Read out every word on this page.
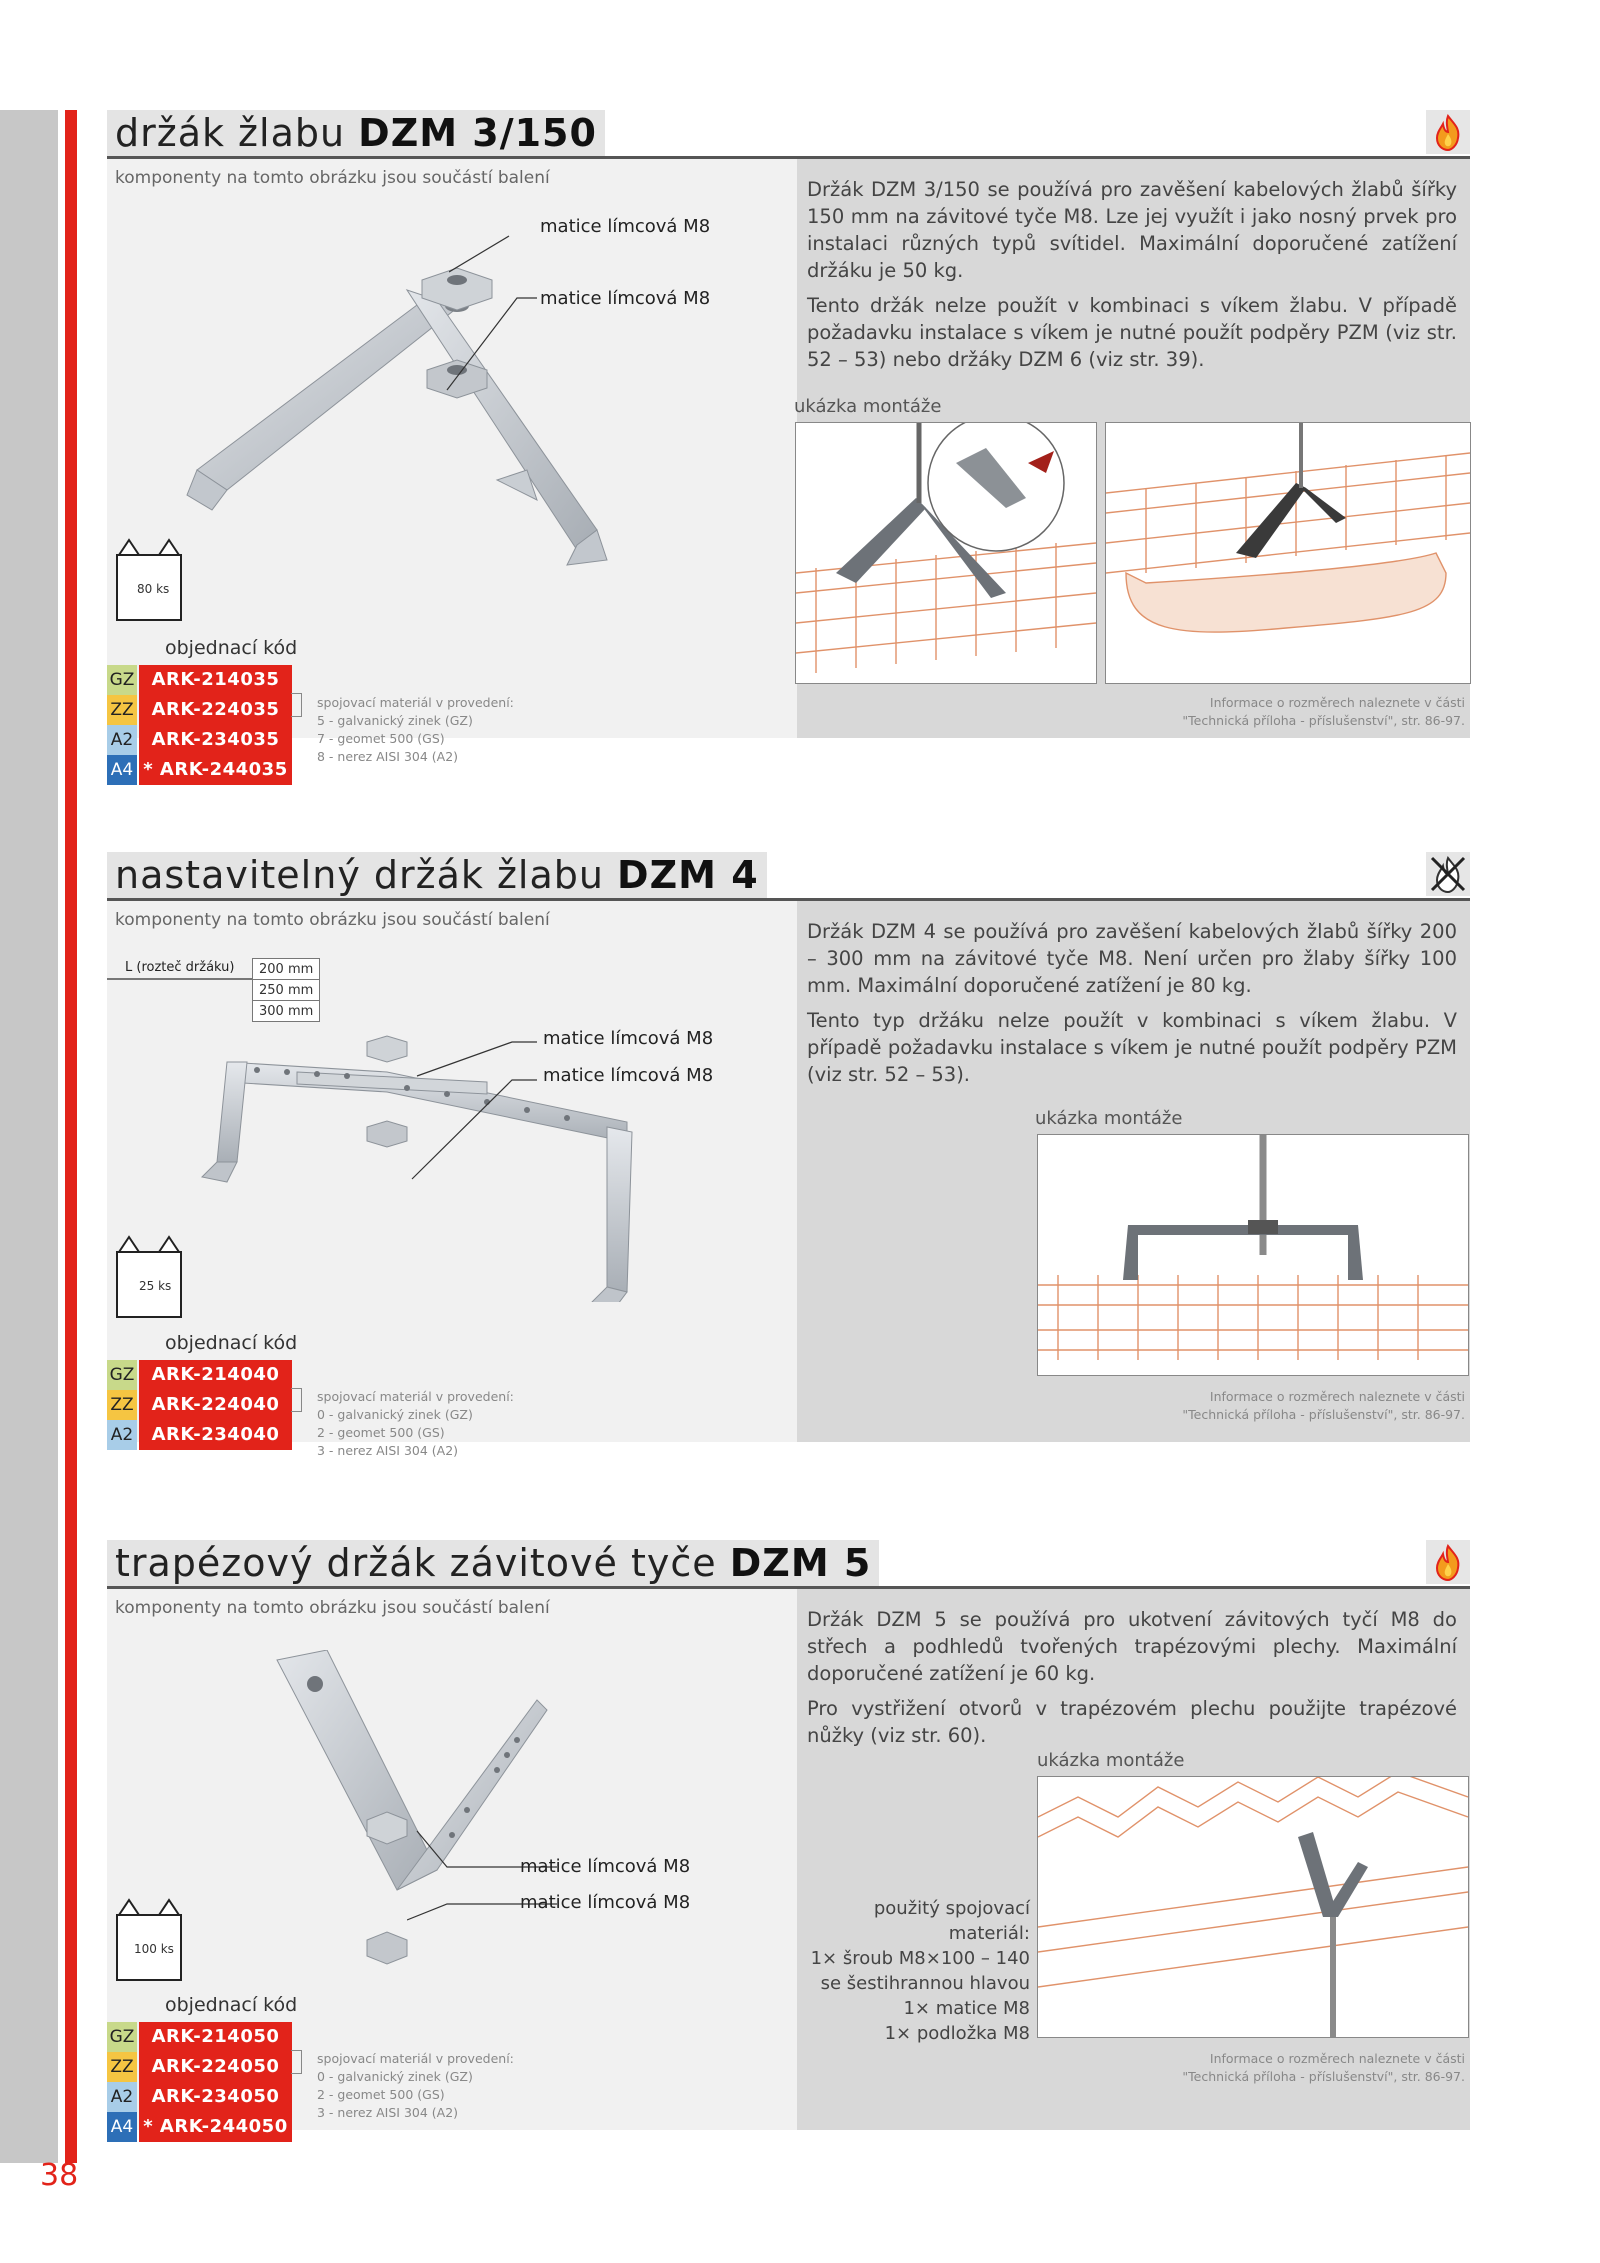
38
držák žlabu DZM 3/150
komponenty na tomto obrázku jsou součástí balení
matice límcová M8
matice límcová M8

Držák DZM 3/150 se používá pro zavěšení kabelových žlabů šířky 150 mm na závitové tyče M8. Lze jej využít i jako nosný prvek pro instalaci různých typů svítidel. Maximální doporučené zatížení držáku je 50 kg.

Tento držák nelze použít v kombinaci s víkem žlabu. V případě požadavku instalace s víkem je nutné použít podpěry PZM (viz str. 52 – 53) nebo držáky DZM 6 (viz str. 39).

ukázka montáže
80 ks
objednací kód
GZ ARK-214035
ZZ ARK-224035
A2	ARK-234035
A4 * ARK-244035
spojovací materiál v provedení:
5 - galvanický zinek (GZ)
7 - geomet 500 (GS)
8 - nerez AISI 304 (A2)
Informace o rozměrech naleznete v části
"Technická příloha - příslušenství", str. 86-97.
nastavitelný držák žlabu DZM 4
komponenty na tomto obrázku jsou součástí balení
L (rozteč držáku) 200 mm
250 mm
300 mm
matice límcová M8
matice límcová M8

Držák DZM 4 se používá pro zavěšení kabelových žlabů šířky 200 – 300 mm na závitové tyče M8. Není určen pro žlaby šířky 100 mm. Maximální doporučené zatížení je 80 kg.

Tento typ držáku nelze použít v kombinaci s víkem žlabu. V případě požadavku instalace s víkem je nutné použít podpěry PZM (viz str. 52 – 53).

ukázka montáže
25 ks
objednací kód
GZ ARK-214040
ZZ ARK-224040
A2	ARK-234040
spojovací materiál v provedení:
0 - galvanický zinek (GZ)
2 - geomet 500 (GS)
3 - nerez AISI 304 (A2)
Informace o rozměrech naleznete v části
"Technická příloha - příslušenství", str. 86-97.
trapézový držák závitové tyče DZM 5
komponenty na tomto obrázku jsou součástí balení
matice límcová M8
matice límcová M8

Držák DZM 5 se používá pro ukotvení závitových tyčí M8 do střech a podhledů tvořených trapézovými plechy. Maximální doporučené zatížení je 60 kg.

Pro vystřižení otvorů v trapézovém plechu použijte trapézové nůžky (viz str. 60).

ukázka montáže
použitý spojovací materiál:
1× šroub M8×100 – 140
se šestihrannou hlavou
1× matice M8
1× podložka M8
100 ks
objednací kód
GZ ARK-214050
ZZ ARK-224050
A2	ARK-234050
A4 * ARK-244050
spojovací materiál v provedení:
0 - galvanický zinek (GZ)
2 - geomet 500 (GS)
3 - nerez AISI 304 (A2)
Informace o rozměrech naleznete v části
"Technická příloha - příslušenství", str. 86-97.
